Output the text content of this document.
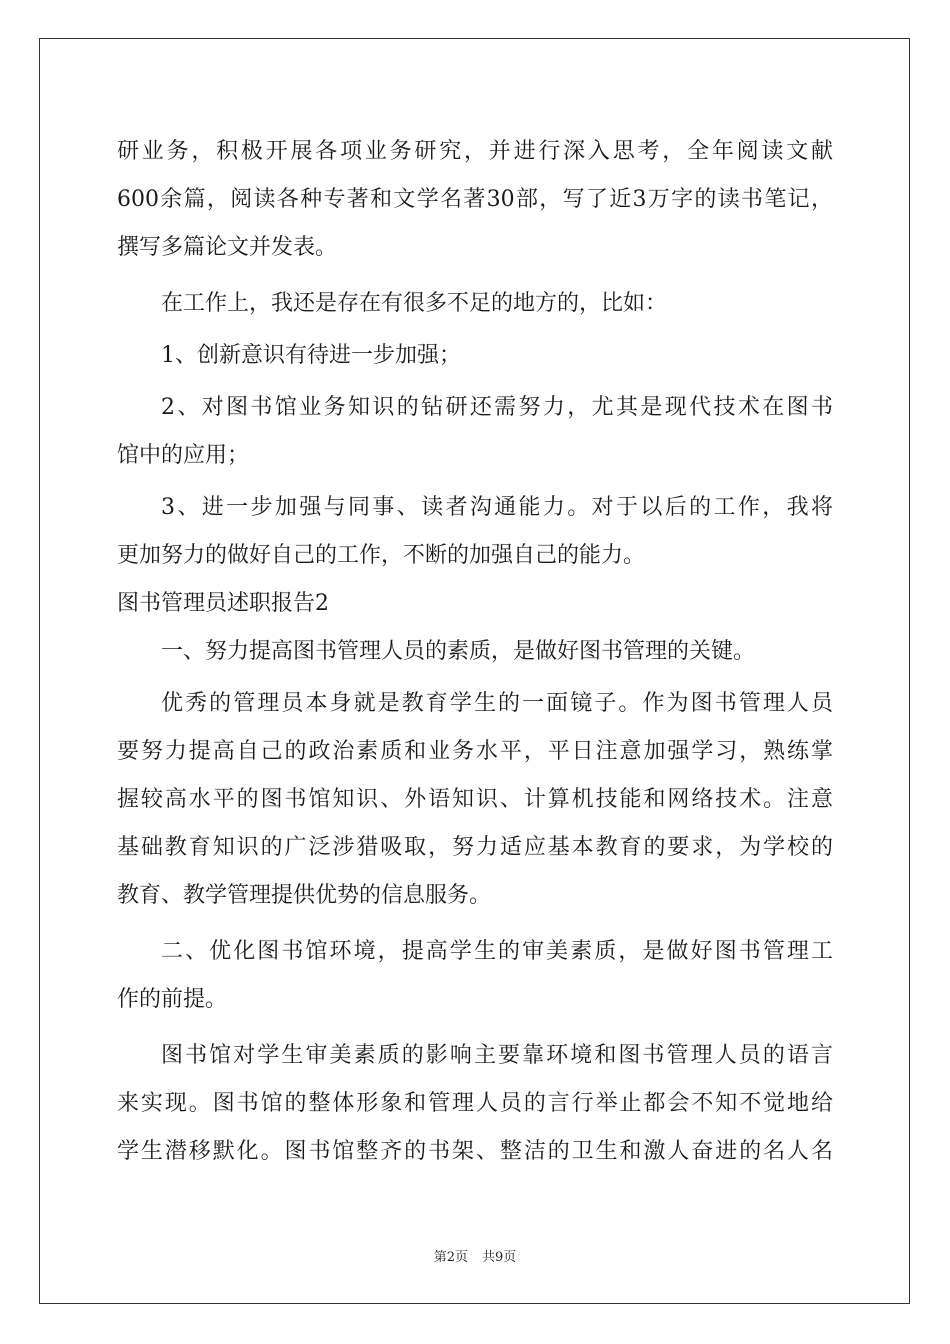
研业务，积极开展各项业务研究，并进行深入思考，全年阅读文献
600余篇，阅读各种专著和文学名著30部，写了近3万字的读书笔记，
撰写多篇论文并发表。
在工作上，我还是存在有很多不足的地方的，比如：
1、创新意识有待进一步加强；
2、对图书馆业务知识的钻研还需努力，尤其是现代技术在图书
馆中的应用；
3、进一步加强与同事、读者沟通能力。对于以后的工作，我将
更加努力的做好自己的工作，不断的加强自己的能力。
图书管理员述职报告2
一、努力提高图书管理人员的素质，是做好图书管理的关键。
优秀的管理员本身就是教育学生的一面镜子。作为图书管理人员
要努力提高自己的政治素质和业务水平，平日注意加强学习，熟练掌
握较高水平的图书馆知识、外语知识、计算机技能和网络技术。注意
基础教育知识的广泛涉猎吸取，努力适应基本教育的要求，为学校的
教育、教学管理提供优势的信息服务。
二、优化图书馆环境，提高学生的审美素质，是做好图书管理工
作的前提。
图书馆对学生审美素质的影响主要靠环境和图书管理人员的语言
来实现。图书馆的整体形象和管理人员的言行举止都会不知不觉地给
学生潜移默化。图书馆整齐的书架、整洁的卫生和激人奋进的名人名
第2页 共9页
